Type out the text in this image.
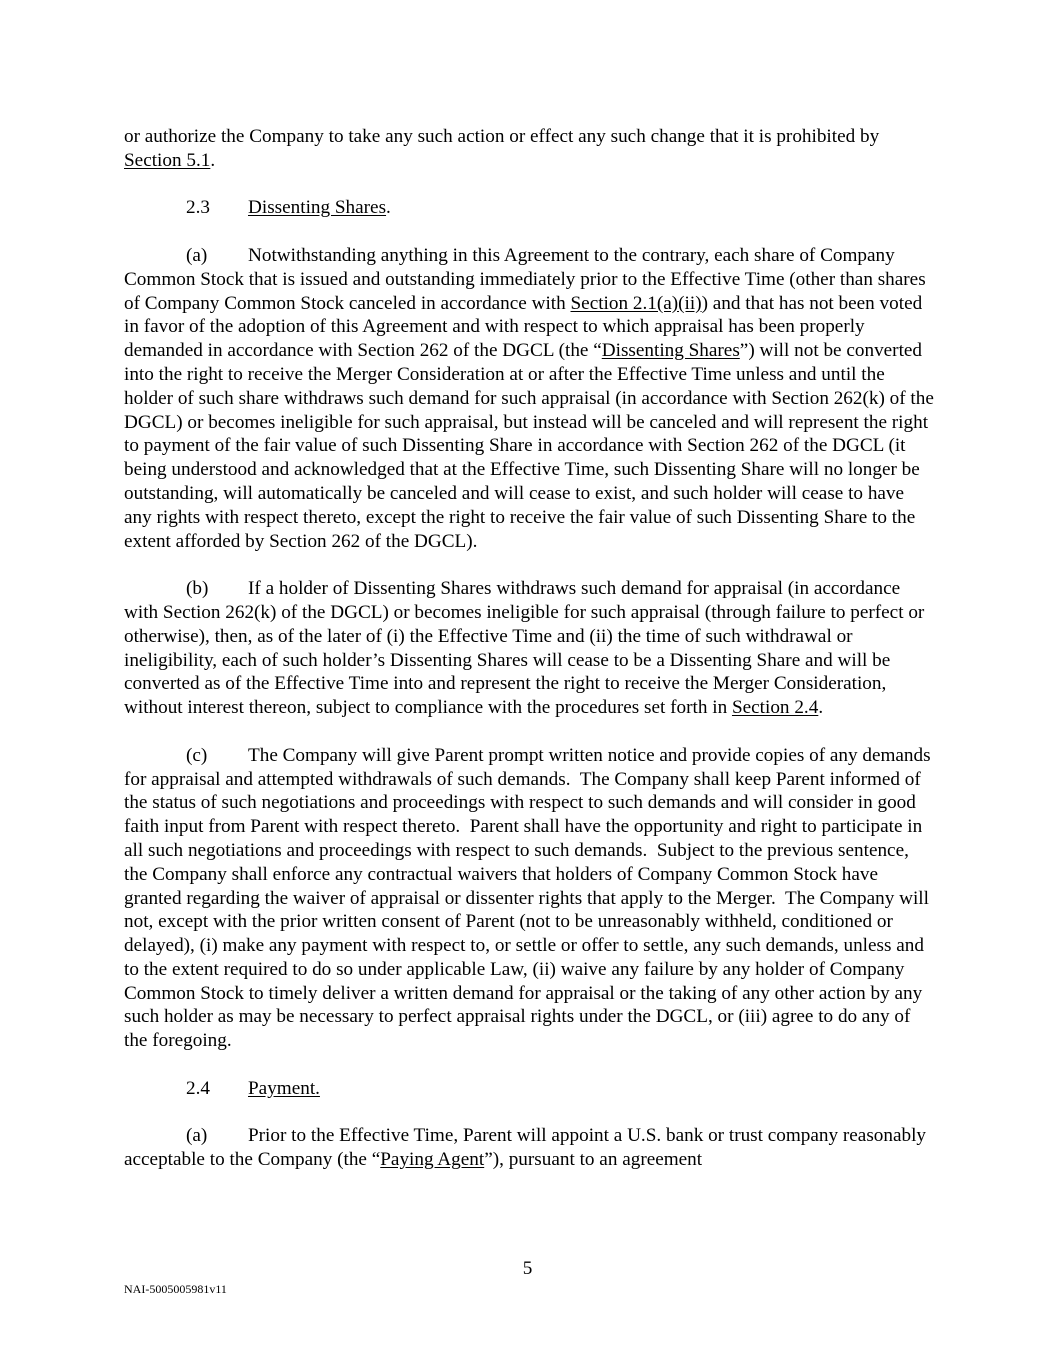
or authorize the Company to take any such action or effect any such change that it is prohibited by Section 5.1.

2.3 Dissenting Shares.

(a) Notwithstanding anything in this Agreement to the contrary, each share of Company Common Stock that is issued and outstanding immediately prior to the Effective Time (other than shares of Company Common Stock canceled in accordance with Section 2.1(a)(ii)) and that has not been voted in favor of the adoption of this Agreement and with respect to which appraisal has been properly demanded in accordance with Section 262 of the DGCL (the “Dissenting Shares”) will not be converted into the right to receive the Merger Consideration at or after the Effective Time unless and until the holder of such share withdraws such demand for such appraisal (in accordance with Section 262(k) of the DGCL) or becomes ineligible for such appraisal, but instead will be canceled and will represent the right to payment of the fair value of such Dissenting Share in accordance with Section 262 of the DGCL (it being understood and acknowledged that at the Effective Time, such Dissenting Share will no longer be outstanding, will automatically be canceled and will cease to exist, and such holder will cease to have any rights with respect thereto, except the right to receive the fair value of such Dissenting Share to the extent afforded by Section 262 of the DGCL).

(b) If a holder of Dissenting Shares withdraws such demand for appraisal (in accordance with Section 262(k) of the DGCL) or becomes ineligible for such appraisal (through failure to perfect or otherwise), then, as of the later of (i) the Effective Time and (ii) the time of such withdrawal or ineligibility, each of such holder’s Dissenting Shares will cease to be a Dissenting Share and will be converted as of the Effective Time into and represent the right to receive the Merger Consideration, without interest thereon, subject to compliance with the procedures set forth in Section 2.4.

(c) The Company will give Parent prompt written notice and provide copies of any demands for appraisal and attempted withdrawals of such demands.  The Company shall keep Parent informed of the status of such negotiations and proceedings with respect to such demands and will consider in good faith input from Parent with respect thereto.  Parent shall have the opportunity and right to participate in all such negotiations and proceedings with respect to such demands.  Subject to the previous sentence, the Company shall enforce any contractual waivers that holders of Company Common Stock have granted regarding the waiver of appraisal or dissenter rights that apply to the Merger.  The Company will not, except with the prior written consent of Parent (not to be unreasonably withheld, conditioned or delayed), (i) make any payment with respect to, or settle or offer to settle, any such demands, unless and to the extent required to do so under applicable Law, (ii) waive any failure by any holder of Company Common Stock to timely deliver a written demand for appraisal or the taking of any other action by any such holder as may be necessary to perfect appraisal rights under the DGCL, or (iii) agree to do any of the foregoing.

2.4 Payment.

(a) Prior to the Effective Time, Parent will appoint a U.S. bank or trust company reasonably acceptable to the Company (the “Paying Agent”), pursuant to an agreement

5
NAI-5005005981v11
